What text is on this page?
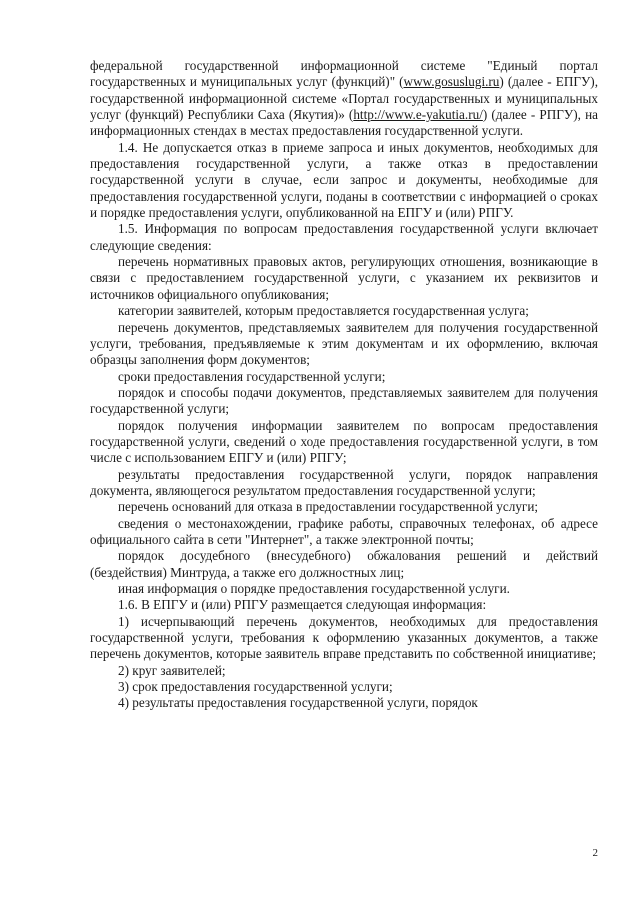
федеральной государственной информационной системе "Единый портал государственных и муниципальных услуг (функций)" (www.gosuslugi.ru) (далее - ЕПГУ), государственной информационной системе «Портал государственных и муниципальных услуг (функций) Республики Саха (Якутия)» (http://www.e-yakutia.ru/) (далее - РПГУ), на информационных стендах в местах предоставления государственной услуги.

1.4. Не допускается отказ в приеме запроса и иных документов, необходимых для предоставления государственной услуги, а также отказ в предоставлении государственной услуги в случае, если запрос и документы, необходимые для предоставления государственной услуги, поданы в соответствии с информацией о сроках и порядке предоставления услуги, опубликованной на ЕПГУ и (или) РПГУ.

1.5. Информация по вопросам предоставления государственной услуги включает следующие сведения:

перечень нормативных правовых актов, регулирующих отношения, возникающие в связи с предоставлением государственной услуги, с указанием их реквизитов и источников официального опубликования;

категории заявителей, которым предоставляется государственная услуга;

перечень документов, представляемых заявителем для получения государственной услуги, требования, предъявляемые к этим документам и их оформлению, включая образцы заполнения форм документов;

сроки предоставления государственной услуги;

порядок и способы подачи документов, представляемых заявителем для получения государственной услуги;

порядок получения информации заявителем по вопросам предоставления государственной услуги, сведений о ходе предоставления государственной услуги, в том числе с использованием ЕПГУ и (или) РПГУ;

результаты предоставления государственной услуги, порядок направления документа, являющегося результатом предоставления государственной услуги;

перечень оснований для отказа в предоставлении государственной услуги;

сведения о местонахождении, графике работы, справочных телефонах, об адресе официального сайта в сети "Интернет", а также электронной почты;

порядок досудебного (внесудебного) обжалования решений и действий (бездействия) Минтруда, а также его должностных лиц;

иная информация о порядке предоставления государственной услуги.

1.6. В ЕПГУ и (или) РПГУ размещается следующая информация:

1) исчерпывающий перечень документов, необходимых для предоставления государственной услуги, требования к оформлению указанных документов, а также перечень документов, которые заявитель вправе представить по собственной инициативе;

2) круг заявителей;

3) срок предоставления государственной услуги;

4) результаты предоставления государственной услуги, порядок

2
